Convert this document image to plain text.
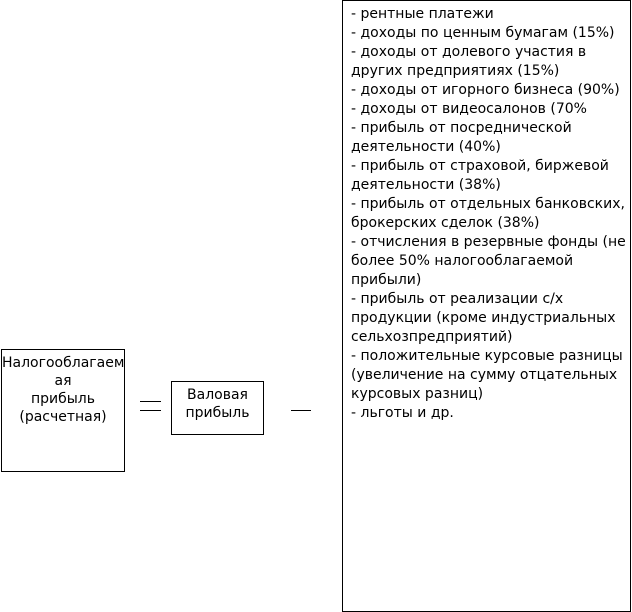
Налогооблагаем
ая
прибыль
(расчетная)
Валовая
прибыль
- рентные платежи
- доходы по ценным бумагам (15%)
- доходы от долевого участия в других предприятиях (15%)
- доходы от игорного бизнеса (90%)
- доходы от видеосалонов (70%
- прибыль от посреднической деятельности (40%)
- прибыль от страховой, биржевой деятельности (38%)
- прибыль от отдельных банковских, брокерских сделок (38%)
- отчисления в резервные фонды (не более 50% налогооблагаемой прибыли)
- прибыль от реализации с/х продукции (кроме индустриальных сельхозпредприятий)
- положительные курсовые разницы (увеличение на сумму отцательных курсовых разниц)
- льготы и др.
